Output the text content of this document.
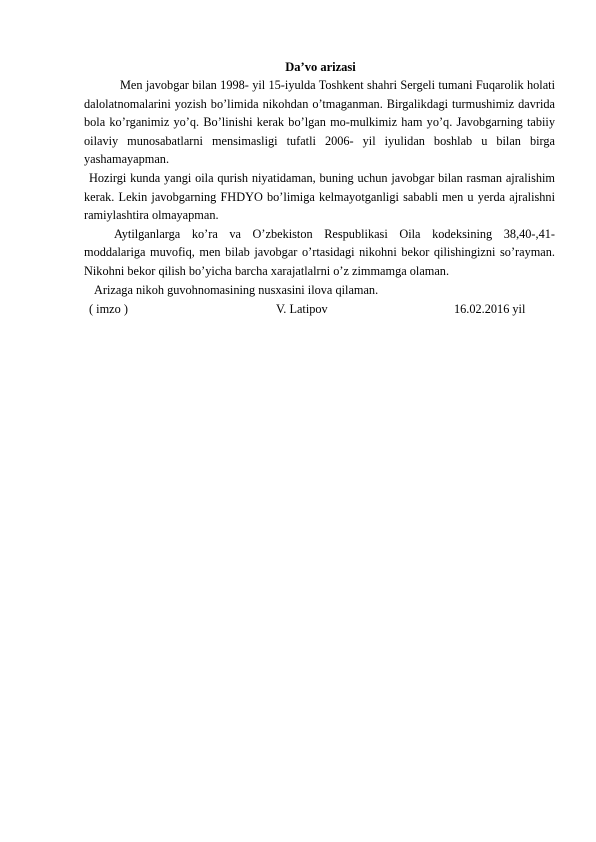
Da’vo arizasi

Men javobgar bilan 1998- yil 15-iyulda Toshkent shahri Sergeli tumani Fuqarolik holati dalolatnomalarini yozish bo’limida nikohdan o’tmaganman. Birgalikdagi turmushimiz davrida bola ko’rganimiz yo’q. Bo’linishi kerak bo’lgan mo-mulkimiz ham yo’q. Javobgarning tabiiy oilaviy munosabatlarni mensimasligi tufatli 2006- yil iyulidan boshlab u bilan birga yashamayapman.

Hozirgi kunda yangi oila qurish niyatidaman, buning uchun javobgar bilan rasman ajralishim kerak. Lekin javobgarning FHDYO bo’limiga kelmayotganligi sababli men u yerda ajralishni ramiylashtira olmayapman.

Aytilganlarga ko’ra va O’zbekiston Respublikasi Oila kodeksining 38,40-,41-moddalariga muvofiq, men bilab javobgar o’rtasidagi nikohni bekor qilishingizni so’rayman. Nikohni bekor qilish bo’yicha barcha xarajatlalrni o’z zimmamga olaman.

Arizaga nikoh guvohnomasining nusxasini ilova qilaman.

( imzo )	V. Latipov	16.02.2016 yil
